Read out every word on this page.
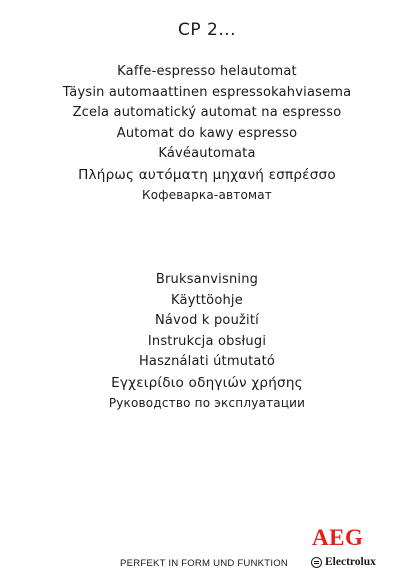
CP 2...
Kaffe-espresso helautomat
Täysin automaattinen espressokahviasema
Zcela automatický automat na espresso
Automat do kawy espresso
Kávéautomata
Πλήρως αυτόματη μηχανή εσπρέσσο
Кофеварка-автомат
Bruksanvisning
Käyttöohje
Návod k použití
Instrukcja obsługi
Használati útmutató
Εγχειρίδιο οδηγιών χρήσης
Руководство по эксплуатации
PERFEKT IN FORM UND FUNKTION
AEG
Electrolux
